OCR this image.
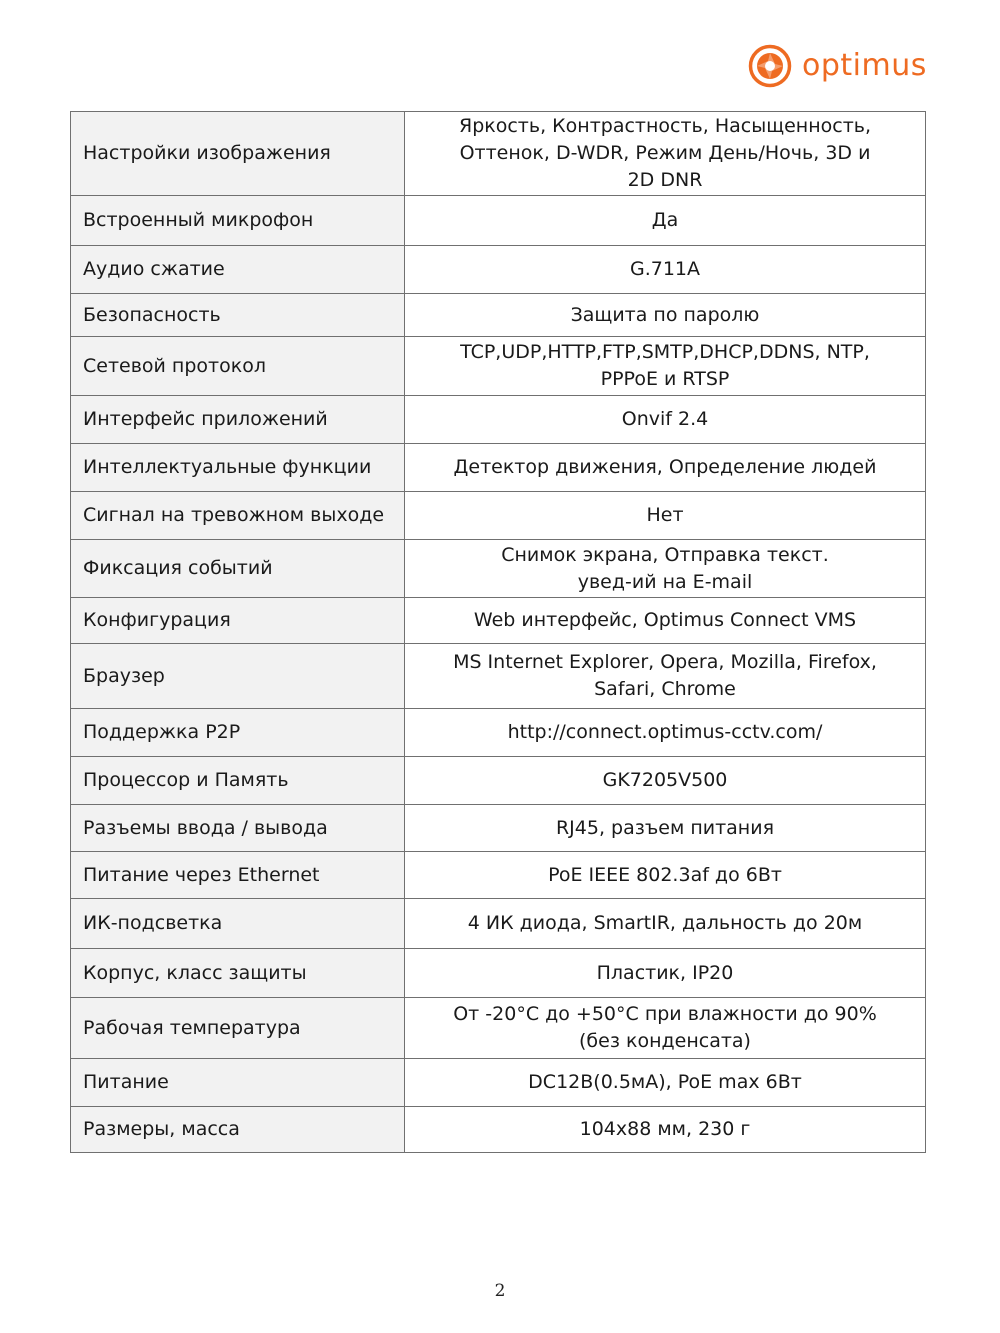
optimus
Настройки изображения	Яркость, Контрастность, Насыщенность, Оттенок, D-WDR, Режим День/Ночь, 3D и 2D DNR

Встроенный микрофон	Да
Аудио сжатие	G.711A
Безопасность	Защита по паролю
Сетевой протокол	TCP,UDP,HTTP,FTP,SMTP,DHCP,DDNS, NTP, PPPoE и RTSP

Интерфейс приложений	Onvif 2.4
Интеллектуальные функции	Детектор движения, Определение людей
Сигнал на тревожном выходе	Нет
Фиксация событий	Снимок экрана, Отправка текст. увед-ий на E-mail

Конфигурация	Web интерфейс, Optimus Connect VMS
Браузер	MS Internet Explorer, Opera, Mozilla, Firefox, Safari, Chrome

Поддержка P2P	http://connect.optimus-cctv.com/
Процессор и Память	GK7205V500
Разъемы ввода / вывода	RJ45, разъем питания
Питание через Ethernet	PoE IEEE 802.3af до 6Вт
ИК-подсветка	4 ИК диода, SmartIR, дальность до 20м
Корпус, класс защиты	Пластик, IP20
Рабочая температура	От -20°С до +50°С при влажности до 90% (без конденсата)

Питание	DC12В(0.5мА), PoE max 6Вт
Размеры, масса	104x88 мм, 230 г
2
